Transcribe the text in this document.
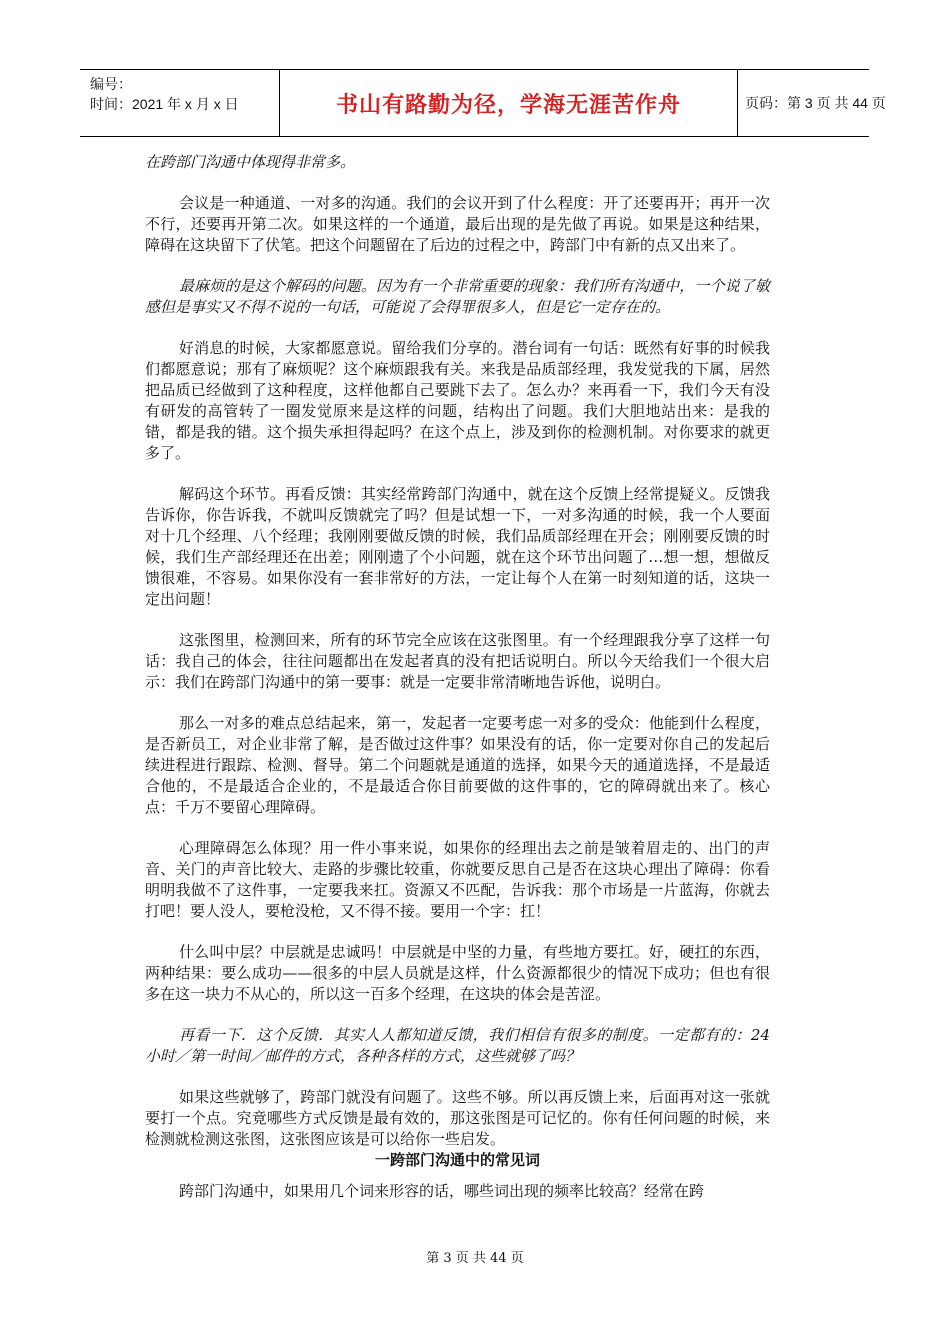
编号：
时间：2021 年 x 月 x 日	书山有路勤为径，学海无涯苦作舟	页码：第 3 页 共 44 页

在跨部门沟通中体现得非常多。

会议是一种通道、一对多的沟通。我们的会议开到了什么程度：开了还要再开；再开一次不行，还要再开第二次。如果这样的一个通道，最后出现的是先做了再说。如果是这种结果，障碍在这块留下了伏笔。把这个问题留在了后边的过程之中，跨部门中有新的点又出来了。

最麻烦的是这个解码的问题。因为有一个非常重要的现象：我们所有沟通中，一个说了敏感但是事实又不得不说的一句话，可能说了会得罪很多人，但是它一定存在的。

好消息的时候，大家都愿意说。留给我们分享的。潜台词有一句话：既然有好事的时候我们都愿意说；那有了麻烦呢？这个麻烦跟我有关。来我是品质部经理，我发觉我的下属，居然把品质已经做到了这种程度，这样他都自己要跳下去了。怎么办？来再看一下，我们今天有没有研发的高管转了一圈发觉原来是这样的问题，结构出了问题。我们大胆地站出来：是我的错，都是我的错。这个损失承担得起吗？在这个点上，涉及到你的检测机制。对你要求的就更多了。

解码这个环节。再看反馈：其实经常跨部门沟通中，就在这个反馈上经常提疑义。反馈我告诉你，你告诉我，不就叫反馈就完了吗？但是试想一下，一对多沟通的时候，我一个人要面对十几个经理、八个经理；我刚刚要做反馈的时候，我们品质部经理在开会；刚刚要反馈的时候，我们生产部经理还在出差；刚刚遗了个小问题，就在这个环节出问题了…想一想，想做反馈很难，不容易。如果你没有一套非常好的方法，一定让每个人在第一时刻知道的话，这块一定出问题！

这张图里，检测回来，所有的环节完全应该在这张图里。有一个经理跟我分享了这样一句话：我自己的体会，往往问题都出在发起者真的没有把话说明白。所以今天给我们一个很大启示：我们在跨部门沟通中的第一要事：就是一定要非常清晰地告诉他，说明白。

那么一对多的难点总结起来，第一，发起者一定要考虑一对多的受众：他能到什么程度，是否新员工，对企业非常了解，是否做过这件事？如果没有的话，你一定要对你自己的发起后续进程进行跟踪、检测、督导。第二个问题就是通道的选择，如果今天的通道选择，不是最适合他的，不是最适合企业的，不是最适合你目前要做的这件事的，它的障碍就出来了。核心点：千万不要留心理障碍。

心理障碍怎么体现？用一件小事来说，如果你的经理出去之前是皱着眉走的、出门的声音、关门的声音比较大、走路的步骤比较重，你就要反思自己是否在这块心理出了障碍：你看明明我做不了这件事，一定要我来扛。资源又不匹配，告诉我：那个市场是一片蓝海，你就去打吧！要人没人，要枪没枪，又不得不接。要用一个字：扛！

什么叫中层？中层就是忠诚吗！中层就是中坚的力量，有些地方要扛。好，硬扛的东西，两种结果：要么成功——很多的中层人员就是这样，什么资源都很少的情况下成功；但也有很多在这一块力不从心的，所以这一百多个经理，在这块的体会是苦涩。

再看一下．这个反馈．其实人人都知道反馈，我们相信有很多的制度。一定都有的：24 小时／第一时间／邮件的方式，各种各样的方式，这些就够了吗？

如果这些就够了，跨部门就没有问题了。这些不够。所以再反馈上来，后面再对这一张就要打一个点。究竟哪些方式反馈是最有效的，那这张图是可记忆的。你有任何问题的时候，来检测就检测这张图，这张图应该是可以给你一些启发。

一跨部门沟通中的常见词

跨部门沟通中，如果用几个词来形容的话，哪些词出现的频率比较高？经常在跨

第 3 页 共 44 页
